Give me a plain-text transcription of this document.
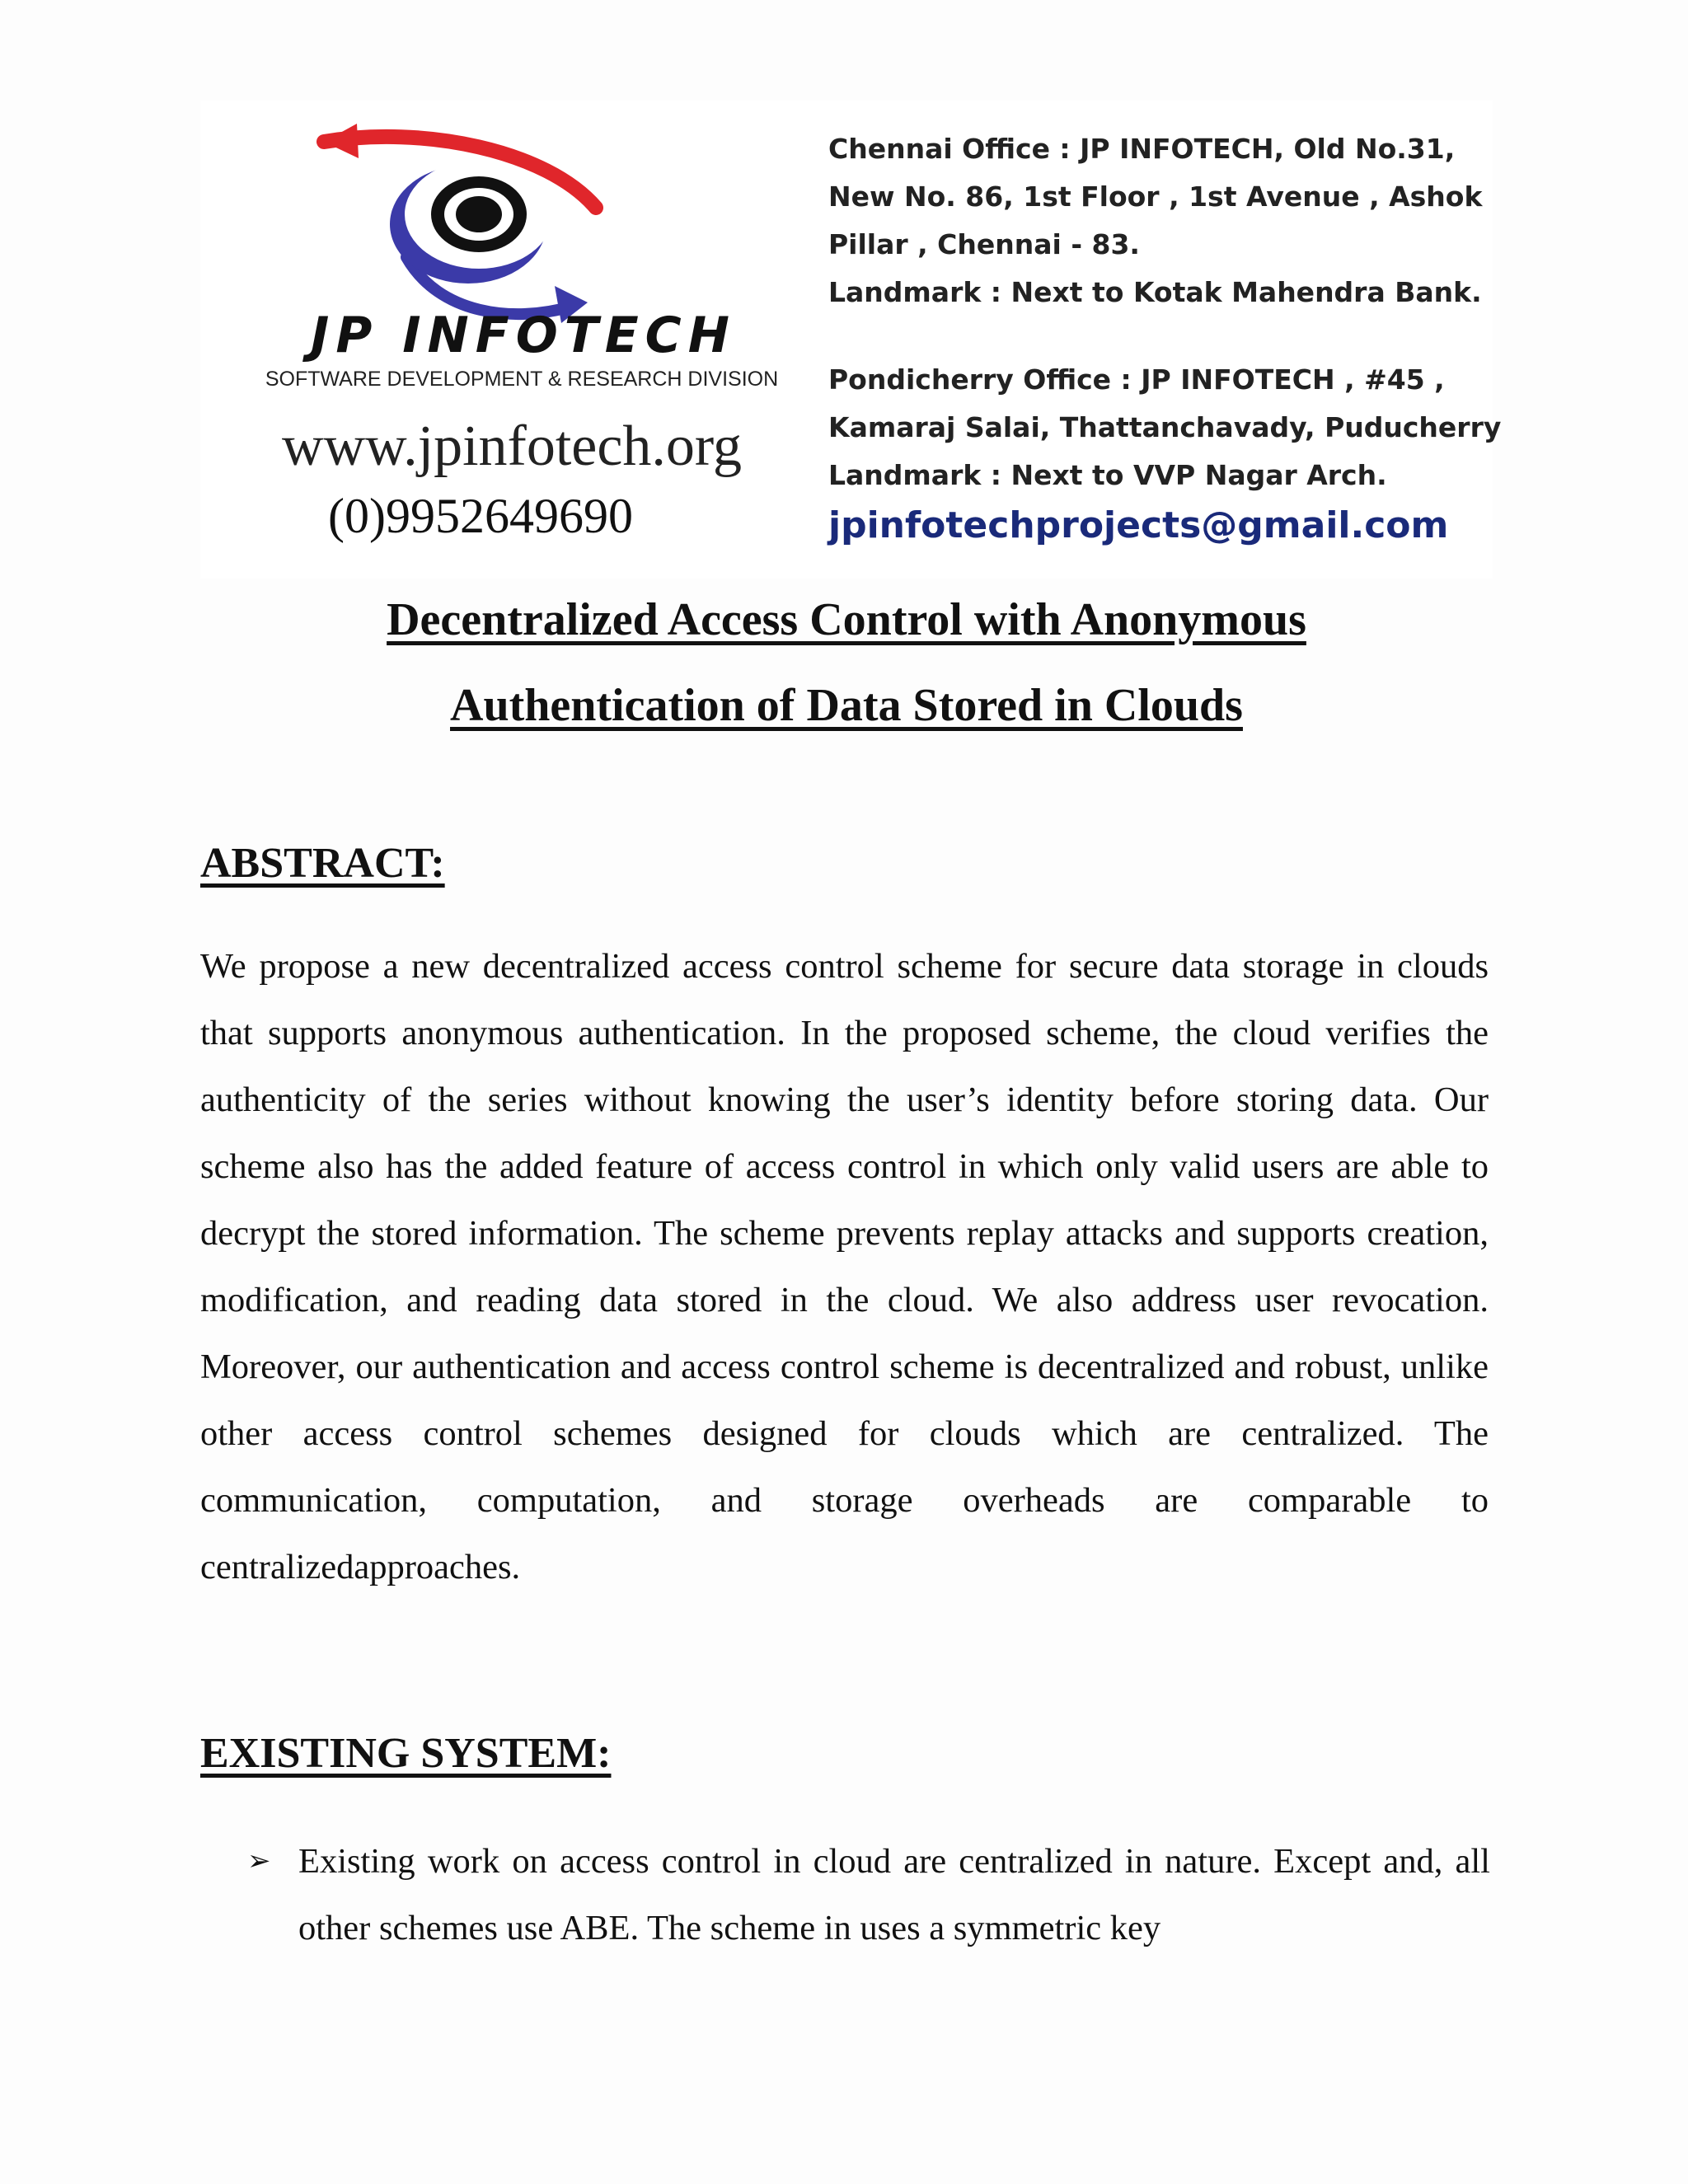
JP INFOTECH
SOFTWARE DEVELOPMENT & RESEARCH DIVISION
www.jpinfotech.org
(0)9952649690
Chennai Office : JP INFOTECH, Old No.31,
New No. 86, 1st Floor , 1st Avenue , Ashok
Pillar , Chennai - 83.
Landmark : Next to Kotak Mahendra Bank.
Pondicherry Office : JP INFOTECH , #45 ,
Kamaraj Salai, Thattanchavady, Puducherry
Landmark : Next to VVP Nagar Arch.
jpinfotechprojects@gmail.com
Decentralized Access Control with Anonymous
Authentication of Data Stored in Clouds
ABSTRACT:
We propose a new decentralized access control scheme for secure data storage in clouds that supports anonymous authentication. In the proposed scheme, the cloud verifies the authenticity of the series without knowing the user’s identity before storing data. Our scheme also has the added feature of access control in which only valid users are able to decrypt the stored information. The scheme prevents replay attacks and supports creation, modification, and reading data stored in the cloud. We also address user revocation. Moreover, our authentication and access control scheme is decentralized and robust, unlike other access control schemes designed for clouds which are centralized. The communication, computation, and storage overheads are comparable to centralizedapproaches.
EXISTING SYSTEM:
➢ Existing work on access control in cloud are centralized in nature. Except and, all other schemes use ABE. The scheme in uses a symmetric key
